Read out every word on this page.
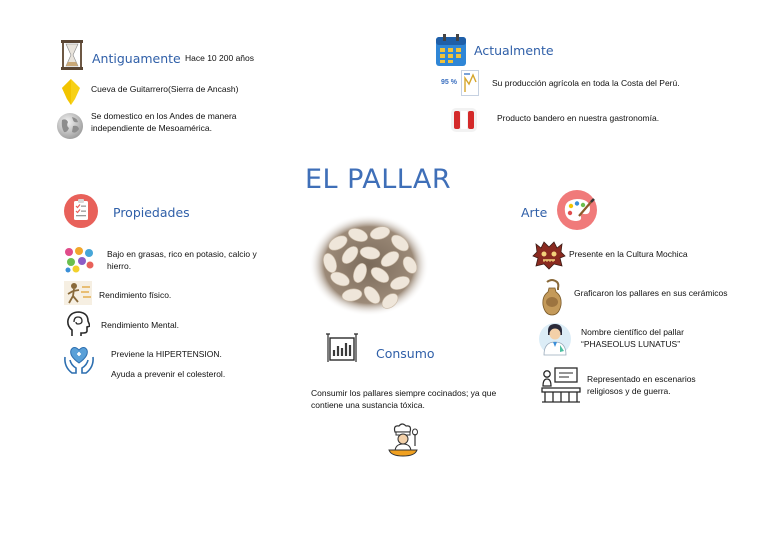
EL PALLAR
Antiguamente Hace 10 200 años
Cueva de Guitarrero(Sierra de Ancash)
Se domestico en los Andes de manera independiente de Mesoamérica.
Actualmente
95 %	Su producción agrícola en toda la Costa del Perú.
Producto bandero en nuestra gastronomía.
Propiedades
Bajo en grasas, rico en potasio, calcio y hierro.
Rendimiento físico.
Rendimiento Mental.
Previene la HIPERTENSION.
Ayuda a prevenir el colesterol.
Consumo
Consumir los pallares siempre cocinados; ya que contiene una sustancia tóxica.
Arte
Presente en la Cultura Mochica
Graficaron los pallares en sus cerámicos
Nombre científico del pallar
“PHASEOLUS LUNATUS”
Representado en escenarios religiosos y de guerra.
